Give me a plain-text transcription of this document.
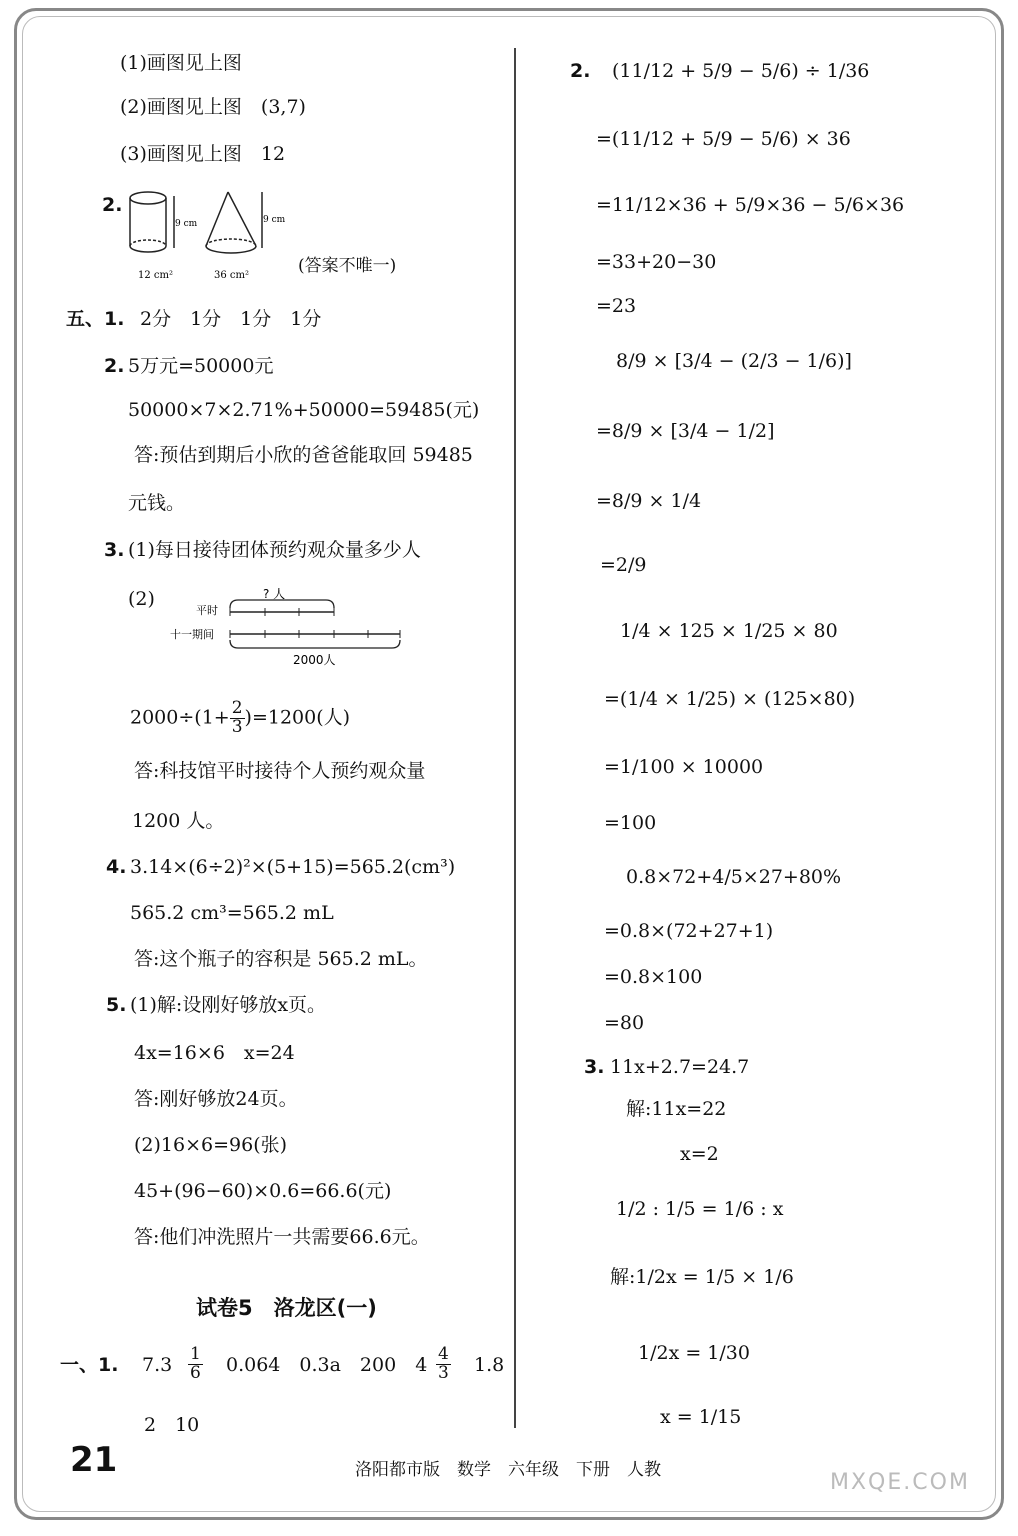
(1)画图见上图
(2)画图见上图　(3,7)
(3)画图见上图　12
2.
9 cm
12 cm²
9 cm
36 cm²	(答案不唯一)
五、1. 2分　1分　1分　1分
2. 5万元=50000元
50000×7×2.71%+50000=59485(元)
答:预估到期后小欣的爸爸能取回 59485
元钱。
3. (1)每日接待团体预约观众量多少人
(2)
平时
? 人
十一期间
2000人
$2000\div(1+ \frac{2}{3} )=1200$(人)
答:科技馆平时接待个人预约观众量
1200 人。
4. 3.14×(6÷2)²×(5+15)=565.2(cm³)
565.2 cm³=565.2 mL
答:这个瓶子的容积是 565.2 mL。
5. (1)解:设刚好够放x页。
4x=16×6　x=24
答:刚好够放24页。
(2)16×6=96(张)
45+(96−60)×0.6=66.6(元)
答:他们冲洗照片一共需要66.6元。
试卷5　洛龙区(一)
一、1. $7.3 \frac{1}{6} 0.064$　0.3a　200　$4 \frac{4}{3} 1.8$
2　10
2. (11/12 + 5/9 − 5/6) ÷ 1/36
=(11/12 + 5/9 − 5/6) × 36
=11/12×36 + 5/9×36 − 5/6×36
=33+20−30
=23
8/9 × [3/4 − (2/3 − 1/6)]
=8/9 × [3/4 − 1/2]
=8/9 × 1/4
=2/9
1/4 × 125 × 1/25 × 80
=(1/4 × 1/25) × (125×80)
=1/100 × 10000
=100
0.8×72+4/5×27+80%
=0.8×(72+27+1)
=0.8×100
=80
3. 11x+2.7=24.7
解:11x=22
x=2
1/2 : 1/5 = 1/6 : x
解:1/2x = 1/5 × 1/6
1/2x = 1/30
x = 1/15
21	洛阳都市版　数学　六年级　下册　人教	MXQE.COM
